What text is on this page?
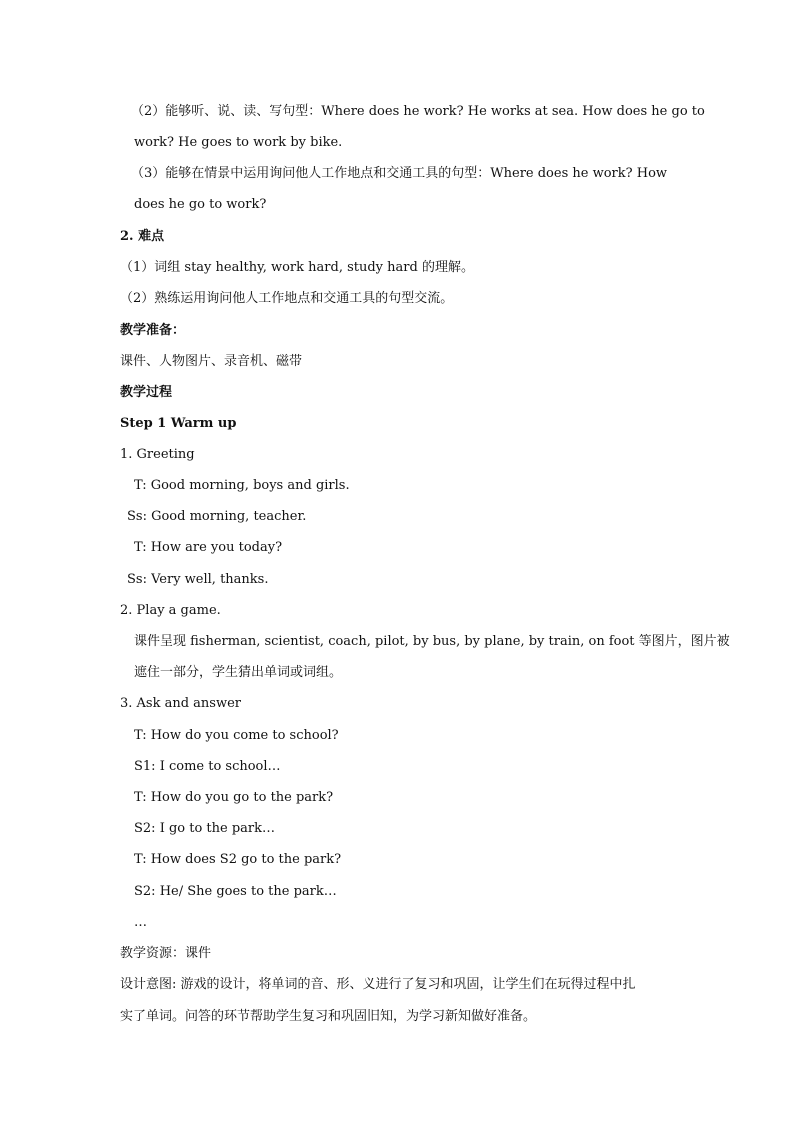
（2）能够听、说、读、写句型：Where does he work? He works at sea. How does he go to
work? He goes to work by bike.
（3）能够在情景中运用询问他人工作地点和交通工具的句型：Where does he work? How
does he go to work?
2. 难点
（1）词组 stay healthy, work hard, study hard 的理解。
（2）熟练运用询问他人工作地点和交通工具的句型交流。
教学准备：
课件、人物图片、录音机、磁带
教学过程
Step 1 Warm up
1. Greeting
T: Good morning, boys and girls.
Ss: Good morning, teacher.
T: How are you today?
Ss: Very well, thanks.
2. Play a game.
课件呈现 fisherman, scientist, coach, pilot, by bus, by plane, by train, on foot 等图片，图片被
遮住一部分，学生猜出单词或词组。
3. Ask and answer
T: How do you come to school?
S1: I come to school…
T: How do you go to the park?
S2: I go to the park…
T: How does S2 go to the park?
S2: He/ She goes to the park…
…
教学资源：课件
设计意图: 游戏的设计，将单词的音、形、义进行了复习和巩固，让学生们在玩得过程中扎
实了单词。问答的环节帮助学生复习和巩固旧知，为学习新知做好准备。
